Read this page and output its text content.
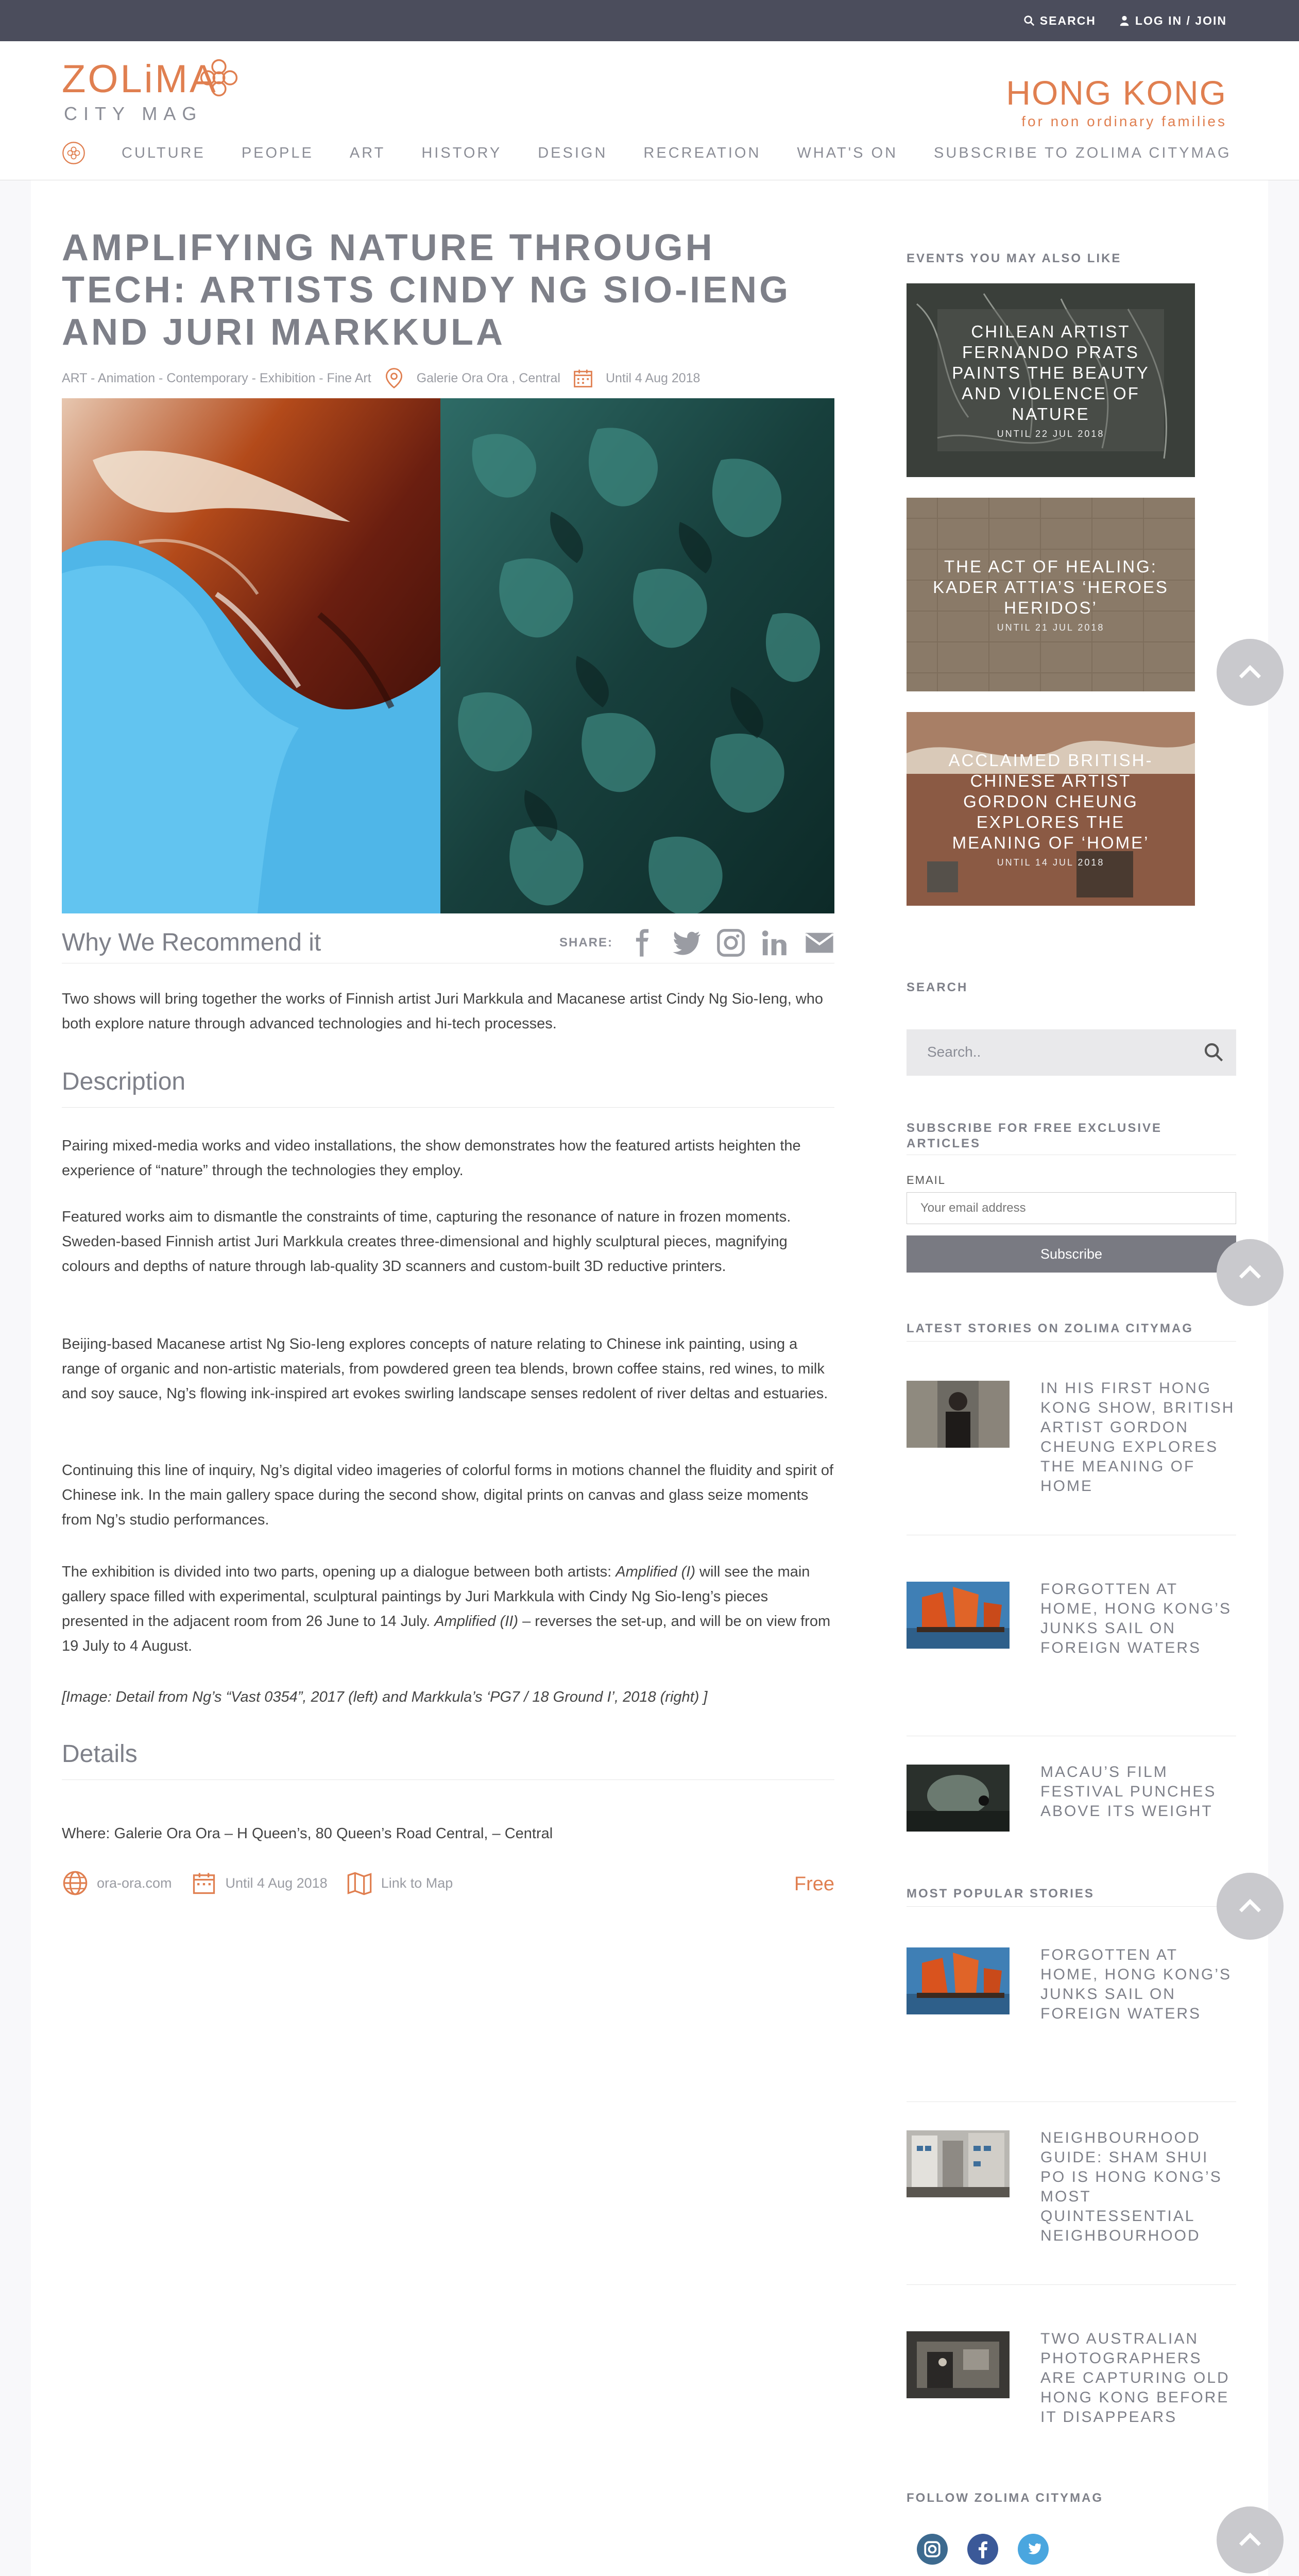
SEARCH	LOG IN / JOIN
ZOLiMA
CITY MAG
HONG KONG
for non ordinary families
CULTURE PEOPLE ART HISTORY DESIGN RECREATION WHAT'S ON SUBSCRIBE TO ZOLIMA CITYMAG
AMPLIFYING NATURE THROUGH TECH: ARTISTS CINDY NG SIO-IENG AND JURI MARKKULA
ART - Animation - Contemporary - Exhibition - Fine Art	Galerie Ora Ora , Central	Until 4 Aug 2018
Why We Recommend it	SHARE:

Two shows will bring together the works of Finnish artist Juri Markkula and Macanese artist Cindy Ng Sio-Ieng, who both explore nature through advanced technologies and hi-tech processes.

Description

Pairing mixed-media works and video installations, the show demonstrates how the featured artists heighten the experience of “nature” through the technologies they employ.

Featured works aim to dismantle the constraints of time, capturing the resonance of nature in frozen moments. Sweden-based Finnish artist Juri Markkula creates three-dimensional and highly sculptural pieces, magnifying colours and depths of nature through lab-quality 3D scanners and custom-built 3D reductive printers.

Beijing-based Macanese artist Ng Sio-Ieng explores concepts of nature relating to Chinese ink painting, using a range of organic and non-artistic materials, from powdered green tea blends, brown coffee stains, red wines, to milk and soy sauce, Ng’s flowing ink-inspired art evokes swirling landscape senses redolent of river deltas and estuaries.

Continuing this line of inquiry, Ng’s digital video imageries of colorful forms in motions channel the fluidity and spirit of Chinese ink. In the main gallery space during the second show, digital prints on canvas and glass seize moments from Ng’s studio performances.

The exhibition is divided into two parts, opening up a dialogue between both artists: Amplified (I) will see the main gallery space filled with experimental, sculptural paintings by Juri Markkula with Cindy Ng Sio-Ieng’s pieces presented in the adjacent room from 26 June to 14 July. Amplified (II) – reverses the set-up, and will be on view from 19 July to 4 August.

[Image: Detail from Ng’s “Vast 0354”, 2017 (left) and Markkula’s ‘PG7 / 18 Ground I’, 2018 (right) ]

Details

Where: Galerie Ora Ora – H Queen’s, 80 Queen’s Road Central, – Central

ora-ora.com	Until 4 Aug 2018	Link to Map	Free
EVENTS YOU MAY ALSO LIKE
CHILEAN ARTIST FERNANDO PRATS PAINTS THE BEAUTY AND VIOLENCE OF NATURE
UNTIL 22 JUL 2018
THE ACT OF HEALING: KADER ATTIA’S ‘HEROES HERIDOS’
UNTIL 21 JUL 2018
ACCLAIMED BRITISH-CHINESE ARTIST GORDON CHEUNG EXPLORES THE MEANING OF ‘HOME’
UNTIL 14 JUL 2018
SEARCH
Search..
SUBSCRIBE FOR FREE EXCLUSIVE ARTICLES
EMAIL
Your email address
Subscribe
LATEST STORIES ON ZOLIMA CITYMAG
IN HIS FIRST HONG KONG SHOW, BRITISH ARTIST GORDON CHEUNG EXPLORES THE MEANING OF HOME
FORGOTTEN AT HOME, HONG KONG’S JUNKS SAIL ON FOREIGN WATERS
MACAU’S FILM FESTIVAL PUNCHES ABOVE ITS WEIGHT
MOST POPULAR STORIES
FORGOTTEN AT HOME, HONG KONG’S JUNKS SAIL ON FOREIGN WATERS
NEIGHBOURHOOD GUIDE: SHAM SHUI PO IS HONG KONG’S MOST QUINTESSENTIAL NEIGHBOURHOOD
TWO AUSTRALIAN PHOTOGRAPHERS ARE CAPTURING OLD HONG KONG BEFORE IT DISAPPEARS
FOLLOW ZOLIMA CITYMAG
